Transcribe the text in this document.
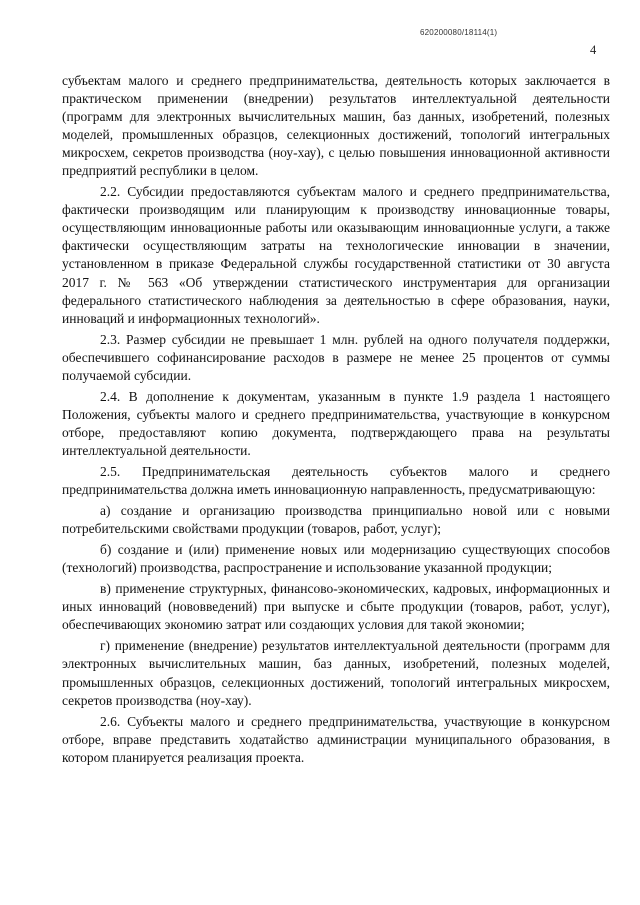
620200080/18114(1)
4

субъектам малого и среднего предпринимательства, деятельность которых заключается в практическом применении (внедрении) результатов интеллектуальной деятельности (программ для электронных вычислительных машин, баз данных, изобретений, полезных моделей, промышленных образцов, селекционных достижений, топологий интегральных микросхем, секретов производства (ноу-хау), с целью повышения инновационной активности предприятий республики в целом.

2.2. Субсидии предоставляются субъектам малого и среднего предпринимательства, фактически производящим или планирующим к производству инновационные товары, осуществляющим инновационные работы или оказывающим инновационные услуги, а также фактически осуществляющим затраты на технологические инновации в значении, установленном в приказе Федеральной службы государственной статистики от 30 августа 2017 г. № 563 «Об утверждении статистического инструментария для организации федерального статистического наблюдения за деятельностью в сфере образования, науки, инноваций и информационных технологий».

2.3. Размер субсидии не превышает 1 млн. рублей на одного получателя поддержки, обеспечившего софинансирование расходов в размере не менее 25 процентов от суммы получаемой субсидии.

2.4. В дополнение к документам, указанным в пункте 1.9 раздела 1 настоящего Положения, субъекты малого и среднего предпринимательства, участвующие в конкурсном отборе, предоставляют копию документа, подтверждающего права на результаты интеллектуальной деятельности.

2.5. Предпринимательская деятельность субъектов малого и среднего предпринимательства должна иметь инновационную направленность, предусматривающую:

а) создание и организацию производства принципиально новой или с новыми потребительскими свойствами продукции (товаров, работ, услуг);

б) создание и (или) применение новых или модернизацию существующих способов (технологий) производства, распространение и использование указанной продукции;

в) применение структурных, финансово-экономических, кадровых, информационных и иных инноваций (нововведений) при выпуске и сбыте продукции (товаров, работ, услуг), обеспечивающих экономию затрат или создающих условия для такой экономии;

г) применение (внедрение) результатов интеллектуальной деятельности (программ для электронных вычислительных машин, баз данных, изобретений, полезных моделей, промышленных образцов, селекционных достижений, топологий интегральных микросхем, секретов производства (ноу-хау).

2.6. Субъекты малого и среднего предпринимательства, участвующие в конкурсном отборе, вправе представить ходатайство администрации муниципального образования, в котором планируется реализация проекта.
